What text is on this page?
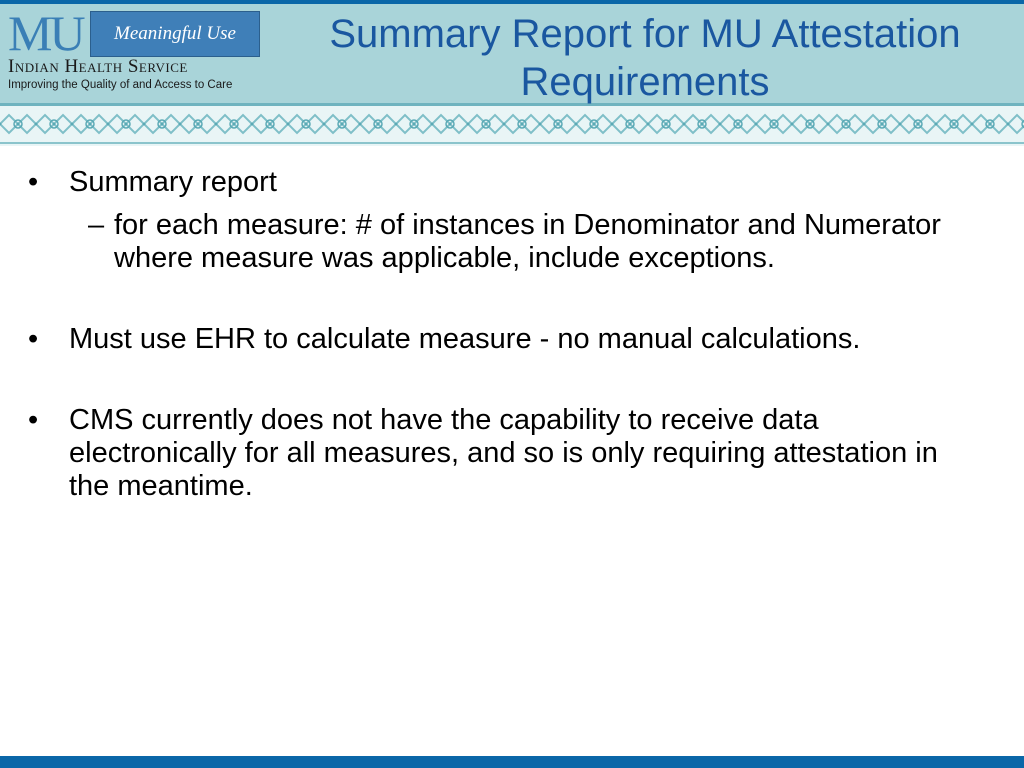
MU	Meaningful Use
Indian Health Service
Improving the Quality of and Access to Care
Summary Report for MU Attestation Requirements
•	Summary report
– for each measure: # of instances in Denominator and Numerator where measure was applicable, include exceptions.
•	Must use EHR to calculate measure - no manual calculations.
•	CMS currently does not have the capability to receive data electronically for all measures, and so is only requiring attestation in the meantime.
